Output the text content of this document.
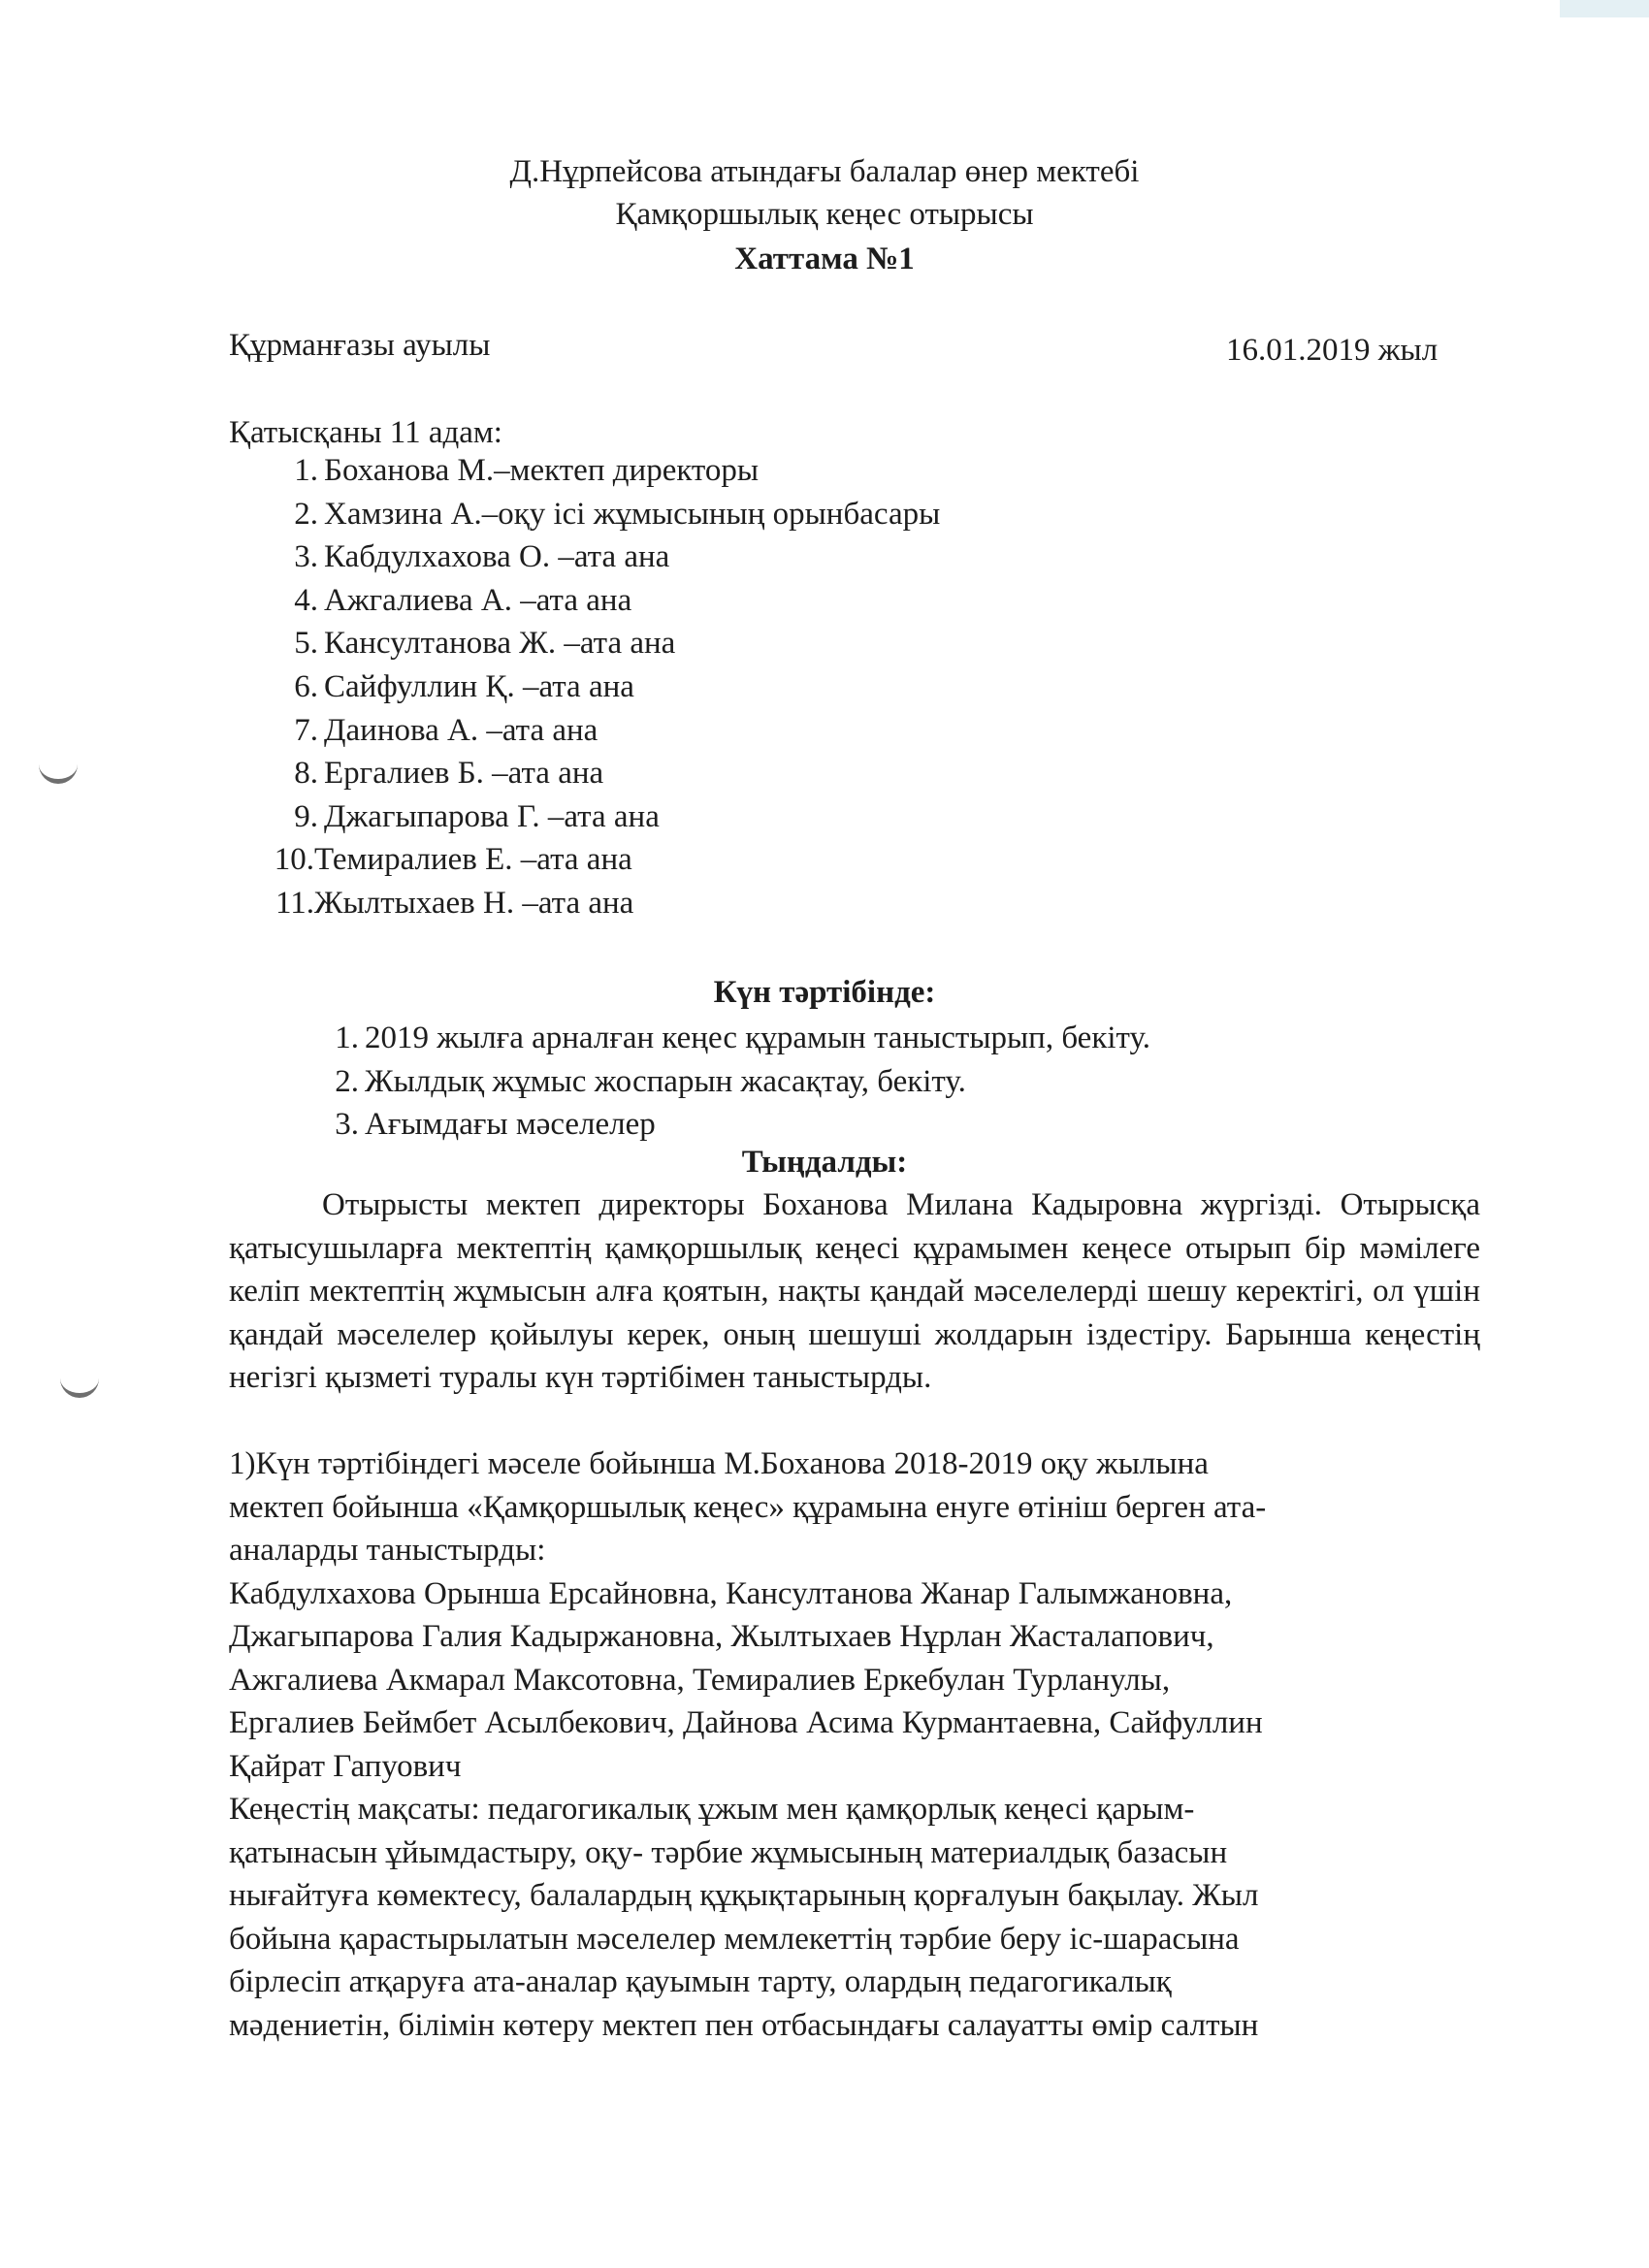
Д.Нұрпейсова атындағы балалар өнер мектебі
Қамқоршылық кеңес отырысы
Хаттама №1
Құрманғазы ауылы	16.01.2019 жыл
Қатысқаны 11 адам:
1. Боханова М.–мектеп директоры
2. Хамзина А.–оқу ісі жұмысының орынбасары
3. Кабдулхахова О. –ата ана
4. Ажгалиева А. –ата ана
5. Кансултанова Ж. –ата ана
6. Сайфуллин Қ. –ата ана
7. Даинова А. –ата ана
8. Ергалиев Б. –ата ана
9. Джагыпарова Г. –ата ана
10.Темиралиев Е. –ата ана
11.Жылтыхаев Н. –ата ана
Күн тәртібінде:
1. 2019 жылға арналған кеңес құрамын таныстырып, бекіту.
2. Жылдық жұмыс жоспарын жасақтау, бекіту.
3. Ағымдағы мәселелер
Тыңдалды:

Отырысты мектеп директоры Боханова Милана Кадыровна жүргізді. Отырысқа қатысушыларға мектептің қамқоршылық кеңесі құрамымен кеңесе отырып бір мәмілеге келіп мектептің жұмысын алға қоятын, нақты қандай мәселелерді шешу керектігі, ол үшін қандай мәселелер қойылуы керек, оның шешуші жолдарын іздестіру. Барынша кеңестің негізгі қызметі туралы күн тәртібімен таныстырды.

1)Күн тәртібіндегі мәселе бойынша М.Боханова 2018-2019 оқу жылына
мектеп бойынша «Қамқоршылық кеңес» құрамына енуге өтініш берген ата-
аналарды таныстырды:
Кабдулхахова Орынша Ерсайновна, Кансултанова Жанар Галымжановна,
Джагыпарова Галия Кадыржановна, Жылтыхаев Нұрлан Жасталапович,
Ажгалиева Акмарал Максотовна, Темиралиев Еркебулан Турланулы,
Ергалиев Беймбет Асылбекович, Дайнова Асима Курмантаевна, Сайфуллин
Қайрат Гапуович
Кеңестің мақсаты: педагогикалық ұжым мен қамқорлық кеңесі қарым-
қатынасын ұйымдастыру, оқу- тәрбие жұмысының материалдық базасын
нығайтуға көмектесу, балалардың құқықтарының қорғалуын бақылау. Жыл
бойына қарастырылатын мәселелер мемлекеттің тәрбие беру іс-шарасына
бірлесіп атқаруға ата-аналар қауымын тарту, олардың педагогикалық
мәдениетін, білімін көтеру мектеп пен отбасындағы салауатты өмір салтын
